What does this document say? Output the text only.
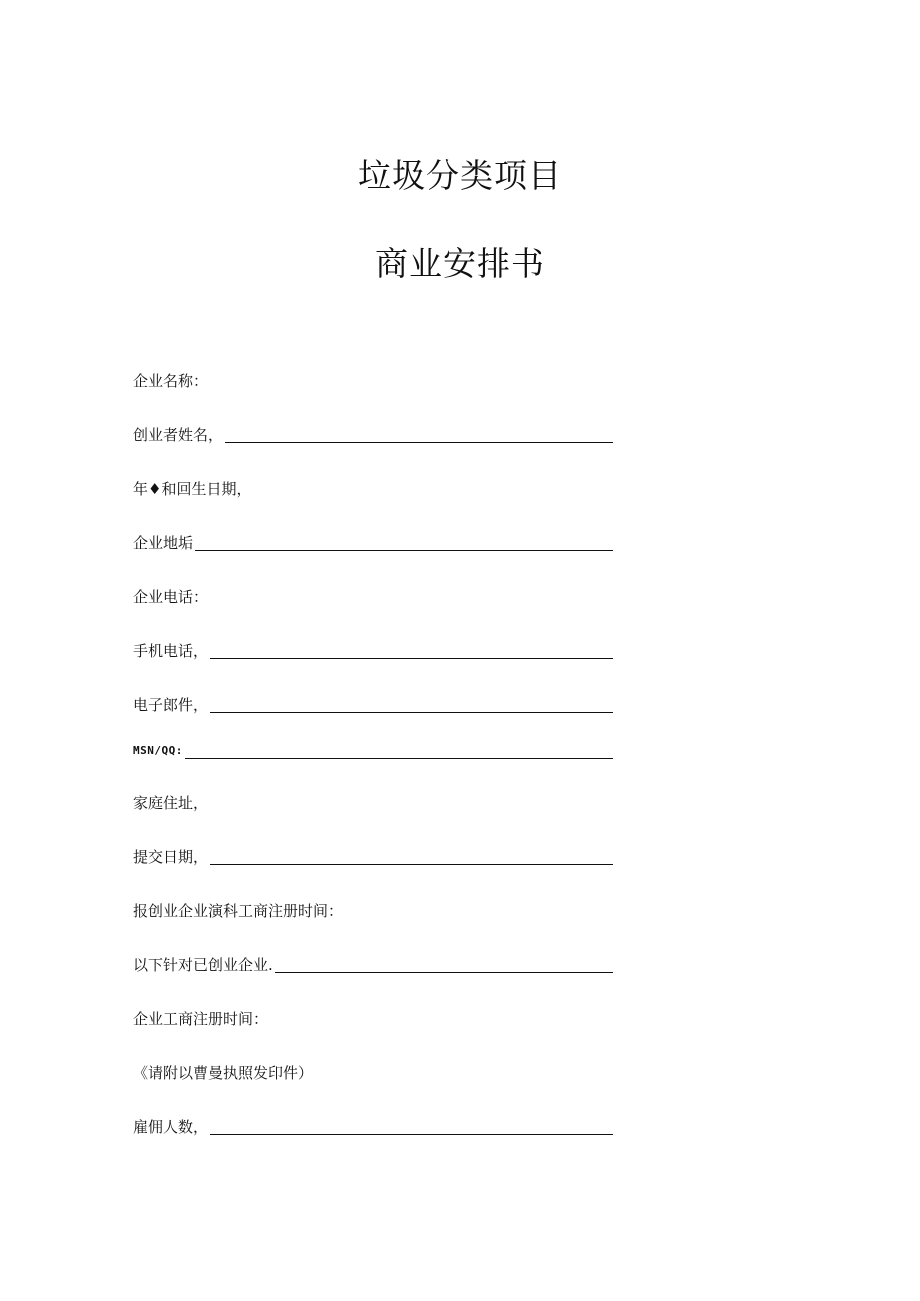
垃圾分类项目
商业安排书
企业名称：
创业者姓名，
年♦和回生日期，
企业地垢
企业电话：
手机电话，
电子郎件，
MSN/QQ:
家庭住址，
提交日期，
报创业企业演科工商注册时间：
以下针对已创业企业.
企业工商注册时间：
《请附以曹曼执照发印件）
雇佣人数，
